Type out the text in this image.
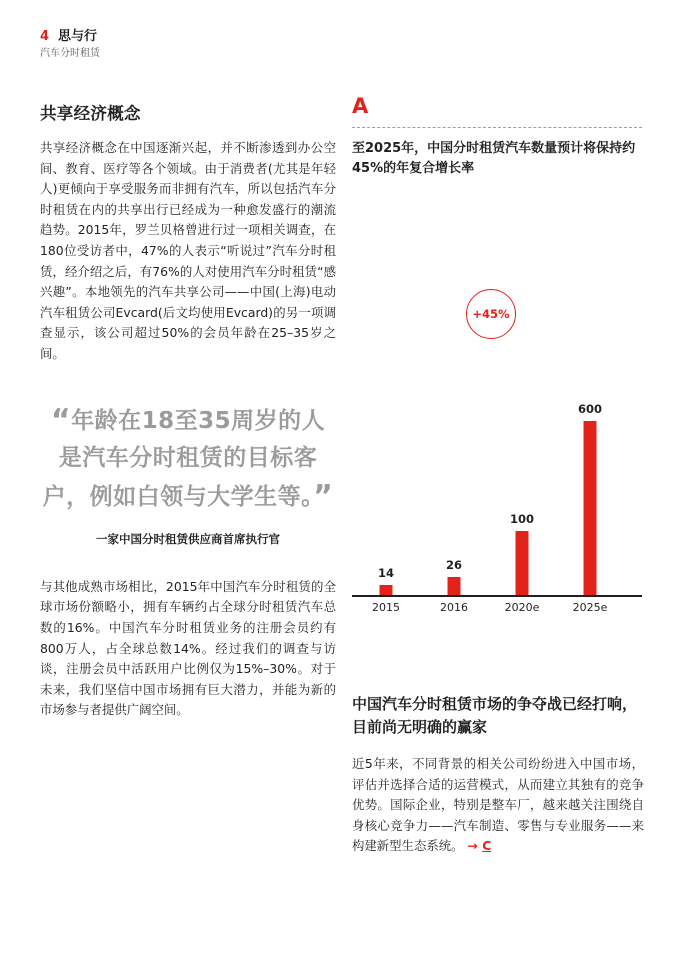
4 思与行
汽车分时租赁
共享经济概念

共享经济概念在中国逐渐兴起，并不断渗透到办公空间、教育、医疗等各个领域。由于消费者(尤其是年轻人)更倾向于享受服务而非拥有汽车，所以包括汽车分时租赁在内的共享出行已经成为一种愈发盛行的潮流趋势。2015年，罗兰贝格曾进行过一项相关调查，在180位受访者中，47%的人表示“听说过”汽车分时租赁，经介绍之后，有76%的人对使用汽车分时租赁“感兴趣”。本地领先的汽车共享公司——中国(上海)电动汽车租赁公司Evcard(后文均使用Evcard)的另一项调查显示，该公司超过50%的会员年龄在25–35岁之间。

“年龄在18至35周岁的人是汽车分时租赁的目标客户，例如白领与大学生等。”
一家中国分时租赁供应商首席执行官

与其他成熟市场相比，2015年中国汽车分时租赁的全球市场份额略小，拥有车辆约占全球分时租赁汽车总数的16%。中国汽车分时租赁业务的注册会员约有800万人，占全球总数14%。经过我们的调查与访谈，注册会员中活跃用户比例仅为15%–30%。对于未来，我们坚信中国市场拥有巨大潜力，并能为新的市场参与者提供广阔空间。

A
至2025年，中国分时租赁汽车数量预计将保持约45%的年复合增长率
+45%
14
26
100
600
2015	2016	2020e	2025e
中国汽车分时租赁市场的争夺战已经打响，目前尚无明确的赢家

近5年来，不同背景的相关公司纷纷进入中国市场，评估并选择合适的运营模式，从而建立其独有的竞争优势。国际企业，特别是整车厂，越来越关注围绕自身核心竞争力——汽车制造、零售与专业服务——来构建新型生态系统。 → C
